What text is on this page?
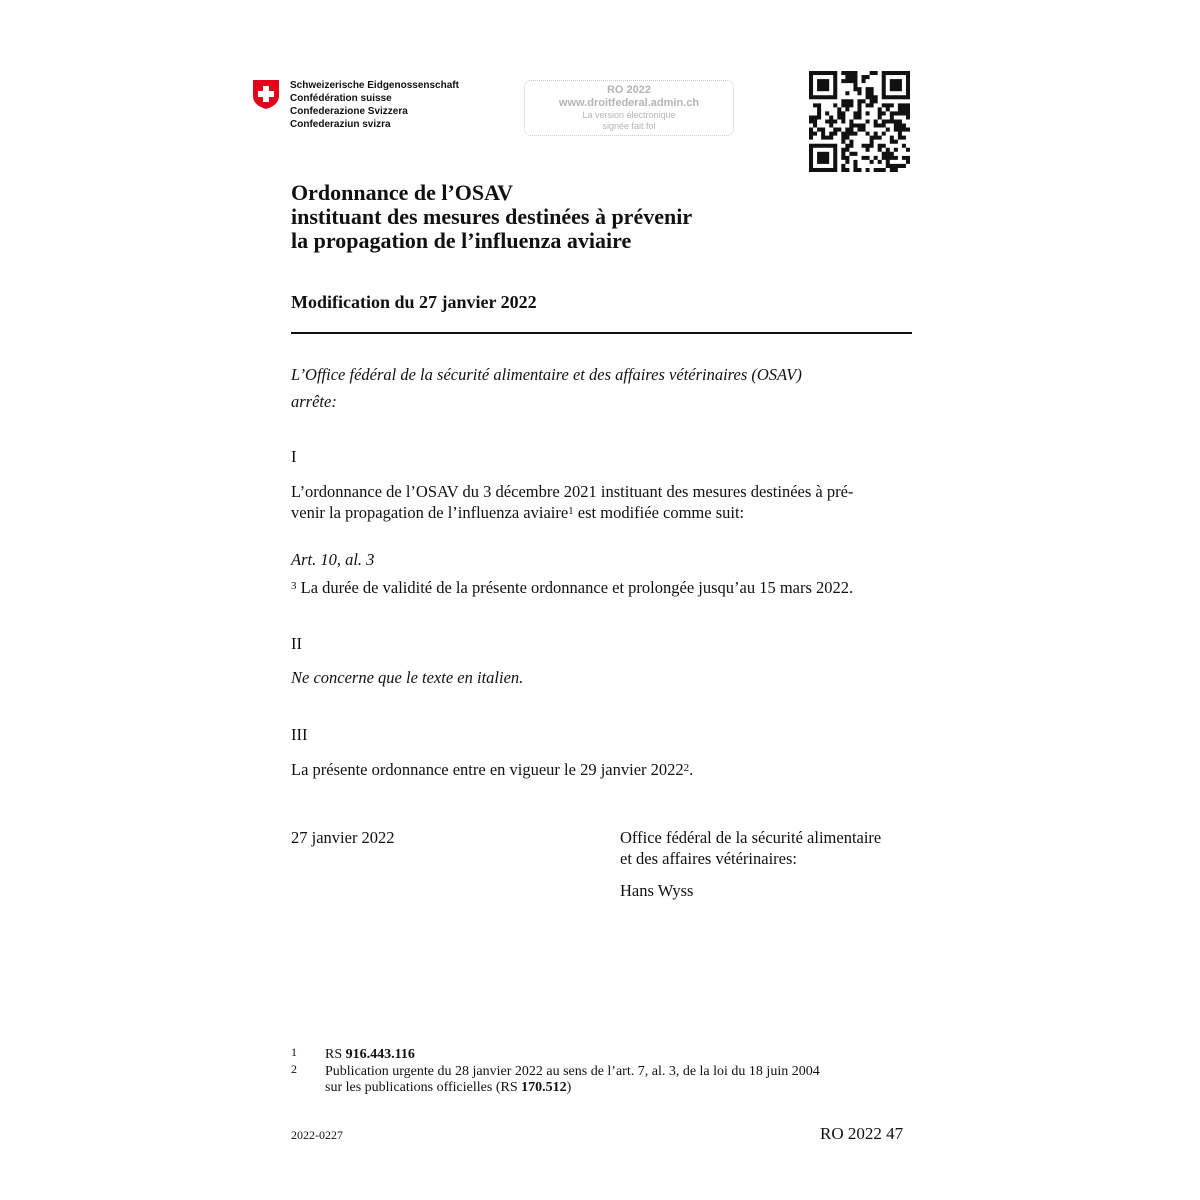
Schweizerische Eidgenossenschaft
Confédération suisse
Confederazione Svizzera
Confederaziun svizra
RO 2022
www.droitfederal.admin.ch
La version électronique
signée fait foi
Ordonnance de l’OSAV
instituant des mesures destinées à prévenir
la propagation de l’influenza aviaire
Modification du 27 janvier 2022
L’Office fédéral de la sécurité alimentaire et des affaires vétérinaires (OSAV)
arrête:
I
L’ordonnance de l’OSAV du 3 décembre 2021 instituant des mesures destinées à pré-
venir la propagation de l’influenza aviaire$^1$ est modifiée comme suit:
Art. 10, al. 3
$^3$ La durée de validité de la présente ordonnance et prolongée jusqu’au 15 mars 2022.
II
Ne concerne que le texte en italien.
III
La présente ordonnance entre en vigueur le 29 janvier 2022$^2$.
27 janvier 2022	Office fédéral de la sécurité alimentaire
et des affaires vétérinaires:
Hans Wyss
1 RS 916.443.116
2 Publication urgente du 28 janvier 2022 au sens de l’art. 7, al. 3, de la loi du 18 juin 2004
sur les publications officielles (RS 170.512)
2022-0227	RO 2022 47
